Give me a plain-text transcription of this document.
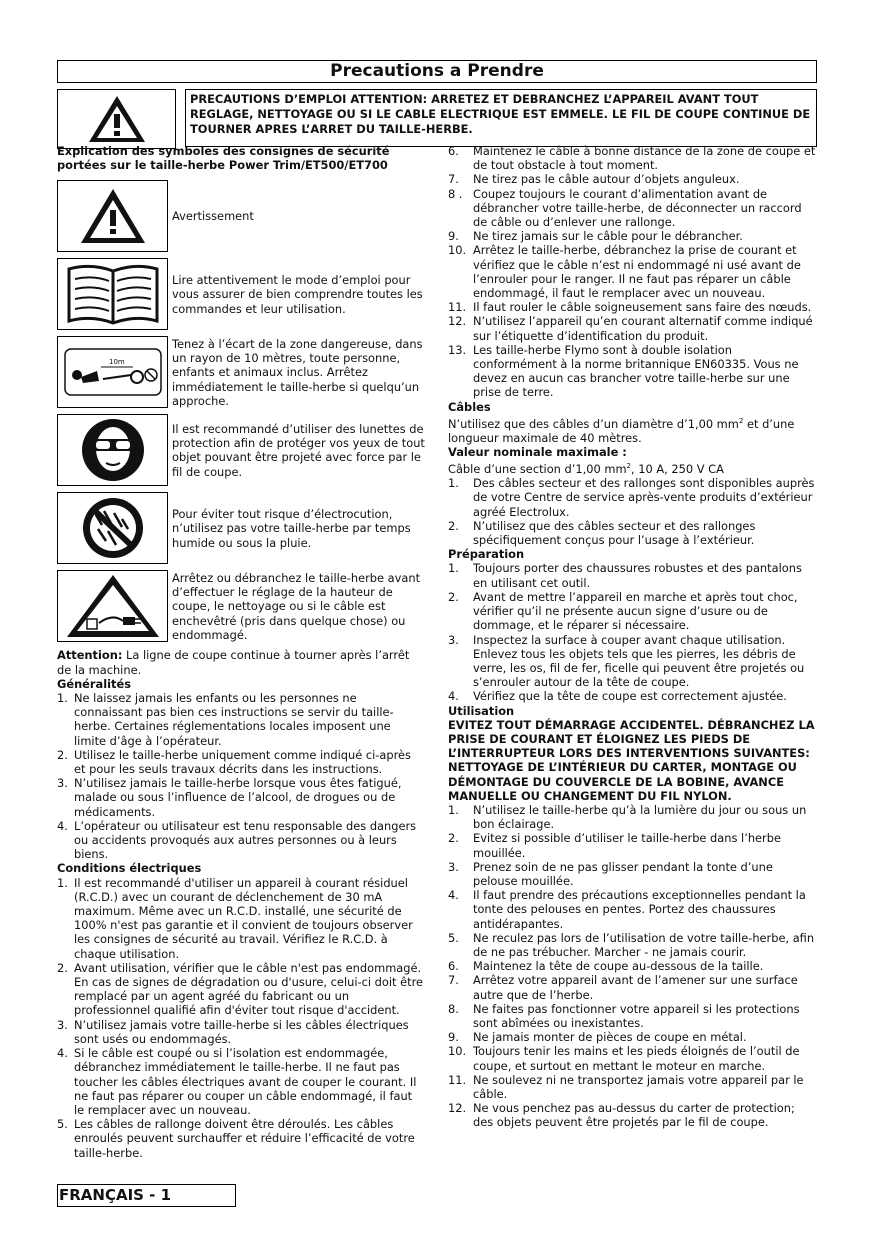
Precautions a Prendre
PRECAUTIONS D’EMPLOI ATTENTION: ARRETEZ ET DEBRANCHEZ L’APPAREIL AVANT TOUT REGLAGE, NETTOYAGE OU SI LE CABLE ELECTRIQUE EST EMMELE. LE FIL DE COUPE CONTINUE DE TOURNER APRES L’ARRET DU TAILLE-HERBE.
Explication des symboles des consignes de sécurité portées sur le taille-herbe Power Trim/ET500/ET700
Avertissement
Lire attentivement le mode d’emploi pour vous assurer de bien comprendre toutes les commandes et leur utilisation.
10m
Tenez à l’écart de la zone dangereuse, dans un rayon de 10 mètres, toute personne, enfants et animaux inclus. Arrêtez immédiatement le taille-herbe si quelqu’un approche.
Il est recommandé d’utiliser des lunettes de protection afin de protéger vos yeux de tout objet pouvant être projeté avec force par le fil de coupe.
Pour éviter tout risque d’électrocution, n’utilisez pas votre taille-herbe par temps humide ou sous la pluie.
Arrêtez ou débranchez le taille-herbe avant d’effectuer le réglage de la hauteur de coupe, le nettoyage ou si le câble est enchevêtré (pris dans quelque chose) ou endommagé.
Attention: La ligne de coupe continue à tourner après l’arrêt de la machine.
Généralités
1. Ne laissez jamais les enfants ou les personnes ne connaissant pas bien ces instructions se servir du taille-herbe. Certaines réglementations locales imposent une limite d’âge à l’opérateur.
2. Utilisez le taille-herbe uniquement comme indiqué ci-après et pour les seuls travaux décrits dans les instructions.
3. N’utilisez jamais le taille-herbe lorsque vous êtes fatigué, malade ou sous l’influence de l’alcool, de drogues ou de médicaments.
4. L’opérateur ou utilisateur est tenu responsable des dangers ou accidents provoqués aux autres personnes ou à leurs biens.
Conditions électriques
1. Il est recommandé d'utiliser un appareil à courant résiduel (R.C.D.) avec un courant de déclenchement de 30 mA maximum. Même avec un R.C.D. installé, une sécurité de 100% n'est pas garantie et il convient de toujours observer les consignes de sécurité au travail. Vérifiez le R.C.D. à chaque utilisation.
2. Avant utilisation, vérifier que le câble n'est pas endommagé. En cas de signes de dégradation ou d'usure, celui-ci doit être remplacé par un agent agréé du fabricant ou un professionnel qualifié afin d'éviter tout risque d'accident.
3. N’utilisez jamais votre taille-herbe si les câbles électriques sont usés ou endommagés.
4. Si le câble est coupé ou si l’isolation est endommagée, débranchez immédiatement le taille-herbe. Il ne faut pas toucher les câbles électriques avant de couper le courant. Il ne faut pas réparer ou couper un câble endommagé, il faut le remplacer avec un nouveau.
5. Les câbles de rallonge doivent être déroulés. Les câbles enroulés peuvent surchauffer et réduire l’efficacité de votre taille-herbe.
6.	Maintenez le câble à bonne distance de la zone de coupe et de tout obstacle à tout moment.
7.	Ne tirez pas le câble autour d’objets anguleux.
8 . Coupez toujours le courant d’alimentation avant de débrancher votre taille-herbe, de déconnecter un raccord de câble ou d’enlever une rallonge.
9.	Ne tirez jamais sur le câble pour le débrancher.
10. Arrêtez le taille-herbe, débranchez la prise de courant et vérifiez que le câble n’est ni endommagé ni usé avant de l’enrouler pour le ranger. Il ne faut pas réparer un câble endommagé, il faut le remplacer avec un nouveau.
11. Il faut rouler le câble soigneusement sans faire des nœuds.
12. N’utilisez l’appareil qu’en courant alternatif comme indiqué sur l’étiquette d’identification du produit.
13. Les taille-herbe Flymo sont à double isolation conformément à la norme britannique EN60335. Vous ne devez en aucun cas brancher votre taille-herbe sur une prise de terre.
Câbles
N’utilisez que des câbles d’un diamètre d’1,00 $mm^2$ et d’une longueur maximale de 40 mètres.
Valeur nominale maximale :
Câble d’une section d’1,00 $mm^2$, 10 A, 250 V CA
1.	Des câbles secteur et des rallonges sont disponibles auprès de votre Centre de service après-vente produits d’extérieur agréé Electrolux.
2.	N’utilisez que des câbles secteur et des rallonges spécifiquement conçus pour l’usage à l’extérieur.
Préparation
1.	Toujours porter des chaussures robustes et des pantalons en utilisant cet outil.
2.	Avant de mettre l’appareil en marche et après tout choc, vérifier qu’il ne présente aucun signe d’usure ou de dommage, et le réparer si nécessaire.
3.	Inspectez la surface à couper avant chaque utilisation. Enlevez tous les objets tels que les pierres, les débris de verre, les os, fil de fer, ficelle qui peuvent être projetés ou s’enrouler autour de la tête de coupe.
4.	Vérifiez que la tête de coupe est correctement ajustée.
Utilisation
EVITEZ TOUT DÉMARRAGE ACCIDENTEL. DÉBRANCHEZ LA PRISE DE COURANT ET ÉLOIGNEZ LES PIEDS DE L’INTERRUPTEUR LORS DES INTERVENTIONS SUIVANTES: NETTOYAGE DE L’INTÉRIEUR DU CARTER, MONTAGE OU DÉMONTAGE DU COUVERCLE DE LA BOBINE, AVANCE MANUELLE OU CHANGEMENT DU FIL NYLON.
1.	N’utilisez le taille-herbe qu’à la lumière du jour ou sous un bon éclairage.
2.	Evitez si possible d’utiliser le taille-herbe dans l’herbe mouillée.
3.	Prenez soin de ne pas glisser pendant la tonte d’une pelouse mouillée.
4.	Il faut prendre des précautions exceptionnelles pendant la tonte des pelouses en pentes. Portez des chaussures antidérapantes.
5.	Ne reculez pas lors de l’utilisation de votre taille-herbe, afin de ne pas trébucher. Marcher - ne jamais courir.
6.	Maintenez la tête de coupe au-dessous de la taille.
7.	Arrêtez votre appareil avant de l’amener sur une surface autre que de l’herbe.
8.	Ne faites pas fonctionner votre appareil si les protections sont abîmées ou inexistantes.
9.	Ne jamais monter de pièces de coupe en métal.
10. Toujours tenir les mains et les pieds éloignés de l’outil de coupe, et surtout en mettant le moteur en marche.
11. Ne soulevez ni ne transportez jamais votre appareil par le câble.
12. Ne vous penchez pas au-dessus du carter de protection; des objets peuvent être projetés par le fil de coupe.
FRANÇAIS - 1
